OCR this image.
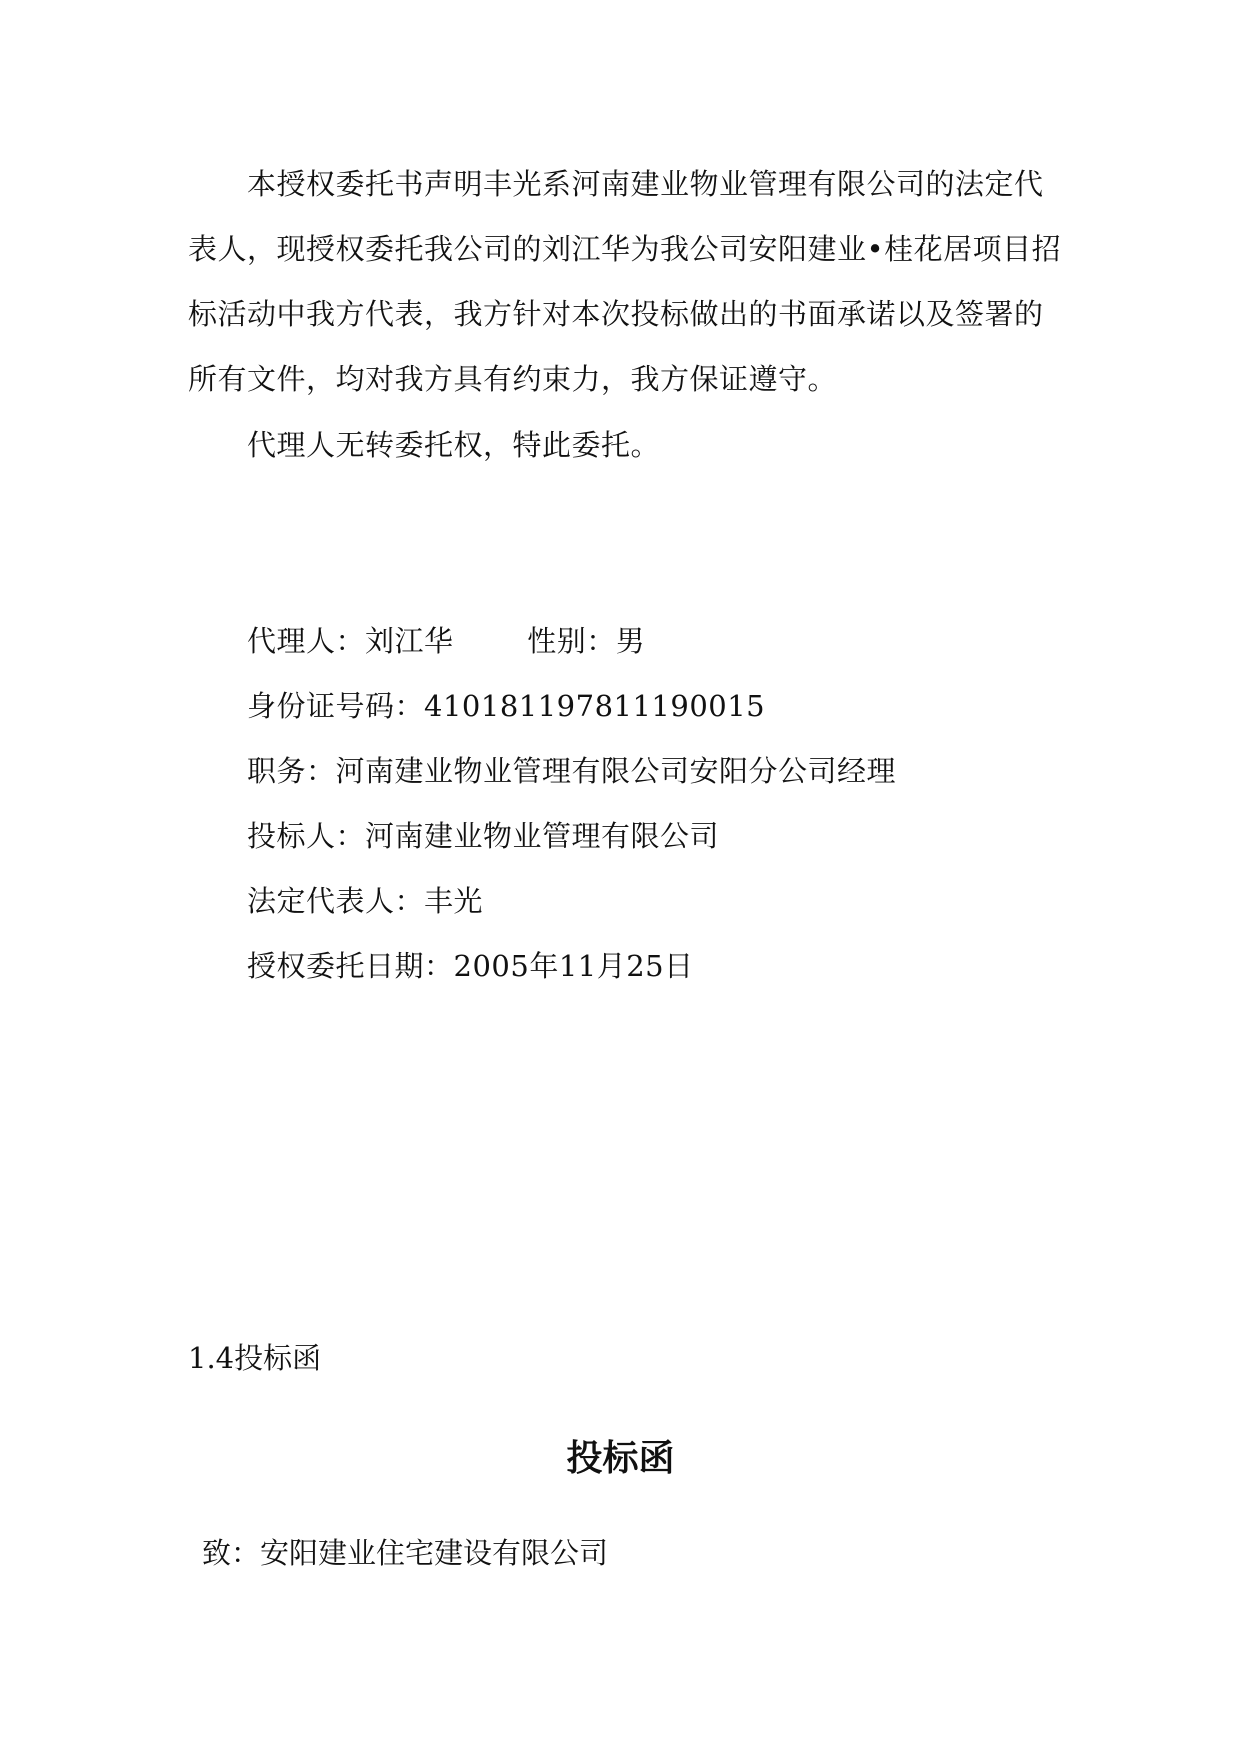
本授权委托书声明丰光系河南建业物业管理有限公司的法定代
表人，现授权委托我公司的刘江华为我公司安阳建业•桂花居项目招
标活动中我方代表，我方针对本次投标做出的书面承诺以及签署的
所有文件，均对我方具有约束力，我方保证遵守。
代理人无转委托权，特此委托。
代理人：刘江华	性别：男
身份证号码：410181197811190015
职务：河南建业物业管理有限公司安阳分公司经理
投标人：河南建业物业管理有限公司
法定代表人：丰光
授权委托日期：2005年11月25日
1.4投标函
投标函
致：安阳建业住宅建设有限公司
